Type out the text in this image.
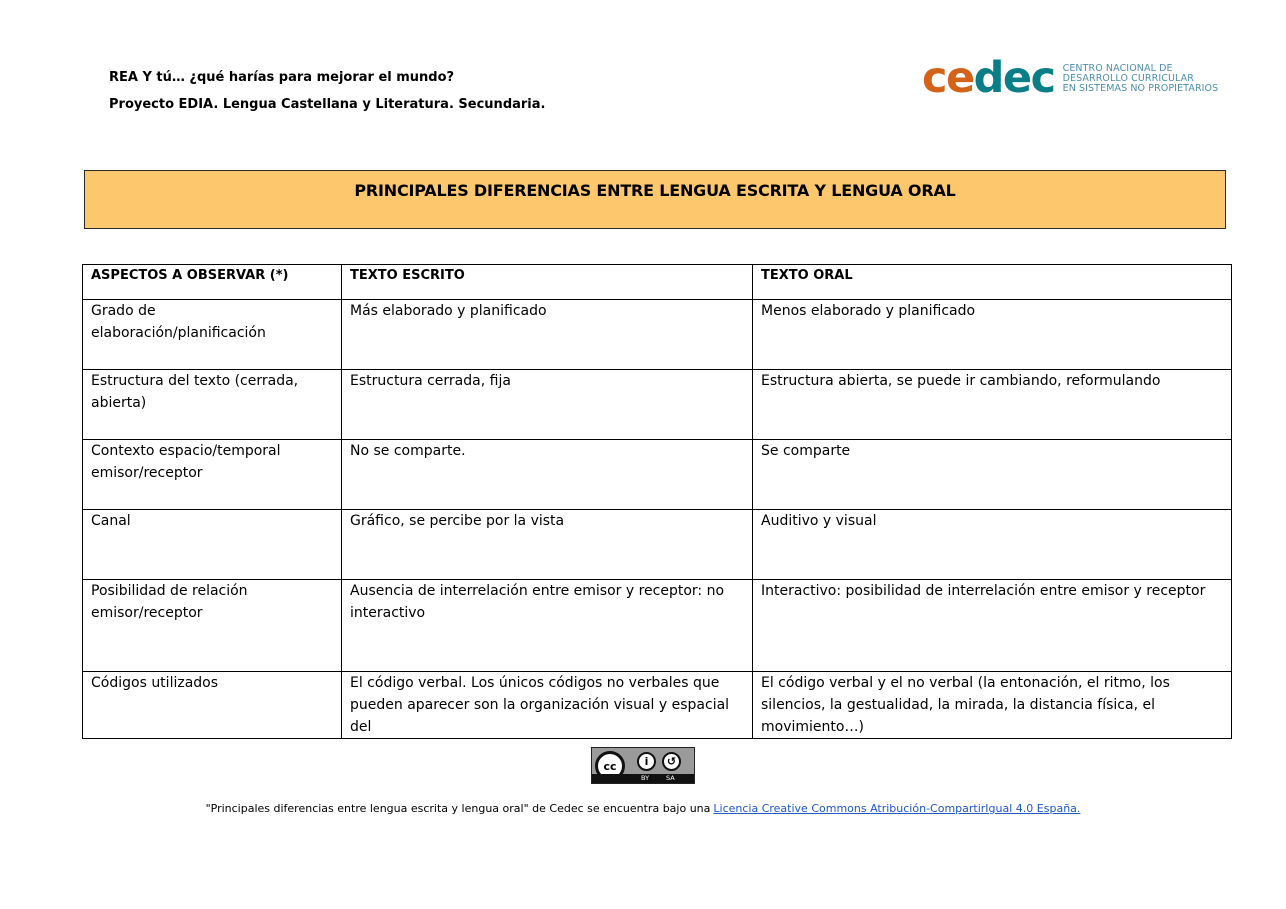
REA Y tú… ¿qué harías para mejorar el mundo?
Proyecto EDIA. Lengua Castellana y Literatura. Secundaria.
cedec CENTRO NACIONAL DE
DESARROLLO CURRICULAR
EN SISTEMAS NO PROPIETARIOS
PRINCIPALES DIFERENCIAS ENTRE LENGUA ESCRITA Y LENGUA ORAL
ASPECTOS A OBSERVAR (*)	TEXTO ESCRITO	TEXTO ORAL
Grado de elaboración/planificación	Más elaborado y planificado	Menos elaborado y planificado
Estructura del texto (cerrada, abierta)	Estructura cerrada, fija	Estructura abierta, se puede ir cambiando, reformulando
Contexto espacio/temporal emisor/receptor	No se comparte.	Se comparte
Canal	Gráfico, se percibe por la vista	Auditivo y visual
Posibilidad de relación emisor/receptor	Ausencia de interrelación entre emisor y receptor: no interactivo	Interactivo: posibilidad de interrelación entre emisor y receptor
Códigos utilizados	El código verbal. Los únicos códigos no verbales que pueden aparecer son la organización visual y espacial del	El código verbal y el no verbal (la entonación, el ritmo, los silencios, la gestualidad, la mirada, la distancia física, el movimiento…)
cc	i	↺
BY	SA
"Principales diferencias entre lengua escrita y lengua oral" de Cedec se encuentra bajo una Licencia Creative Commons Atribución-CompartirIgual 4.0 España.
